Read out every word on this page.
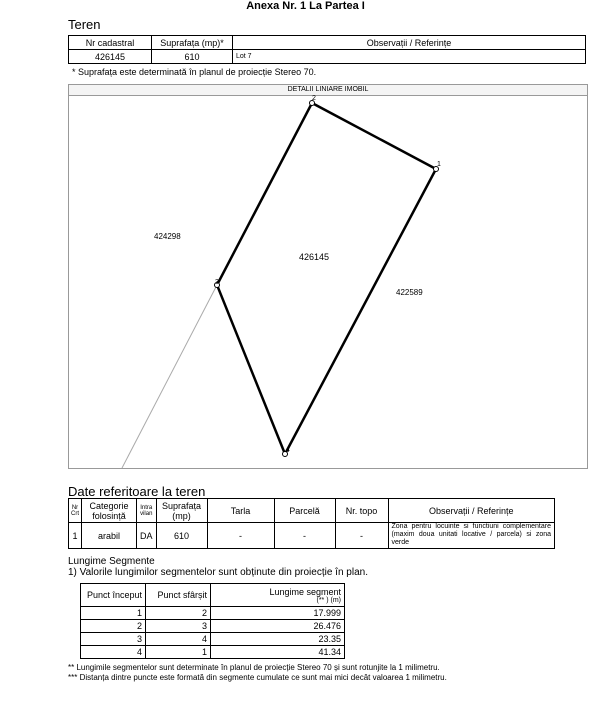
Anexa Nr. 1 La Partea I
Teren
Nr cadastral	Suprafața (mp)*	Observații / Referințe
426145	610	Lot 7
* Suprafața este determinată în planul de proiecție Stereo 70.
DETALII LINIARE IMOBIL
1
2
3
4
426145
424298
422589
Date referitoare la teren
Nr Crt	Categorie folosință	Intra vilan	Suprafața (mp)	Tarla	Parcelă	Nr. topo	Observații / Referințe
1	arabil	DA	610	-	-	-	Zona pentru locuinte si functiuni complementare (maxim doua unitati locative / parcela) si zona verde
Lungime Segmente
1) Valorile lungimilor segmentelor sunt obținute din proiecție în plan.
Punct început	Punct sfârșit	Lungime segment
(** ) (m)

1	2	17.999
2	3	26.476
3	4	23.35
4	1	41.34
** Lungimile segmentelor sunt determinate în planul de proiecție Stereo 70 și sunt rotunjite la 1 milimetru.
*** Distanța dintre puncte este formată din segmente cumulate ce sunt mai mici decât valoarea 1 milimetru.
